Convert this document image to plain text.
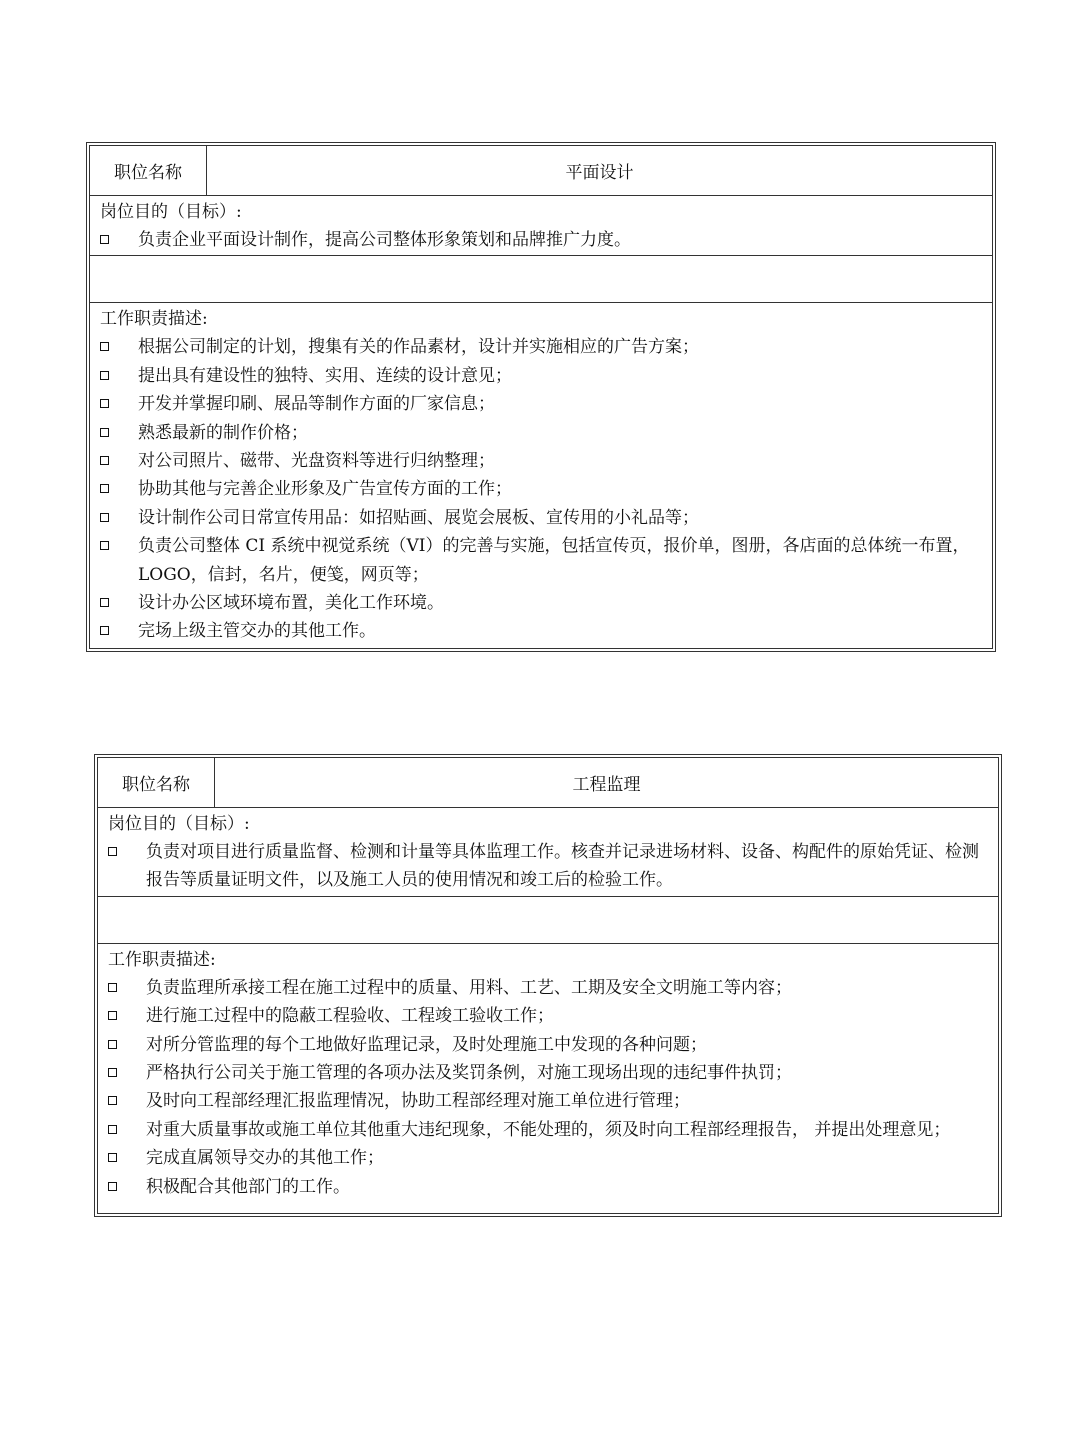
职位名称	平面设计
岗位目的（目标）:
负责企业平面设计制作，提高公司整体形象策划和品牌推广力度。
工作职责描述:
根据公司制定的计划，搜集有关的作品素材，设计并实施相应的广告方案；
提出具有建设性的独特、实用、连续的设计意见；
开发并掌握印刷、展品等制作方面的厂家信息；
熟悉最新的制作价格；
对公司照片、磁带、光盘资料等进行归纳整理；
协助其他与完善企业形象及广告宣传方面的工作；
设计制作公司日常宣传用品：如招贴画、展览会展板、宣传用的小礼品等；
负责公司整体 CI 系统中视觉系统（VI）的完善与实施，包括宣传页，报价单，图册，各店面的总体统一布置，LOGO，信封，名片，便笺，网页等；
设计办公区域环境布置，美化工作环境。
完场上级主管交办的其他工作。
职位名称	工程监理
岗位目的（目标）:
负责对项目进行质量监督、检测和计量等具体监理工作。核查并记录进场材料、设备、构配件的原始凭证、检测报告等质量证明文件，以及施工人员的使用情况和竣工后的检验工作。
工作职责描述:
负责监理所承接工程在施工过程中的质量、用料、工艺、工期及安全文明施工等内容；
进行施工过程中的隐蔽工程验收、工程竣工验收工作；
对所分管监理的每个工地做好监理记录，及时处理施工中发现的各种问题；
严格执行公司关于施工管理的各项办法及奖罚条例，对施工现场出现的违纪事件执罚；
及时向工程部经理汇报监理情况，协助工程部经理对施工单位进行管理；
对重大质量事故或施工单位其他重大违纪现象，不能处理的，须及时向工程部经理报告， 并提出处理意见；
完成直属领导交办的其他工作；
积极配合其他部门的工作。
